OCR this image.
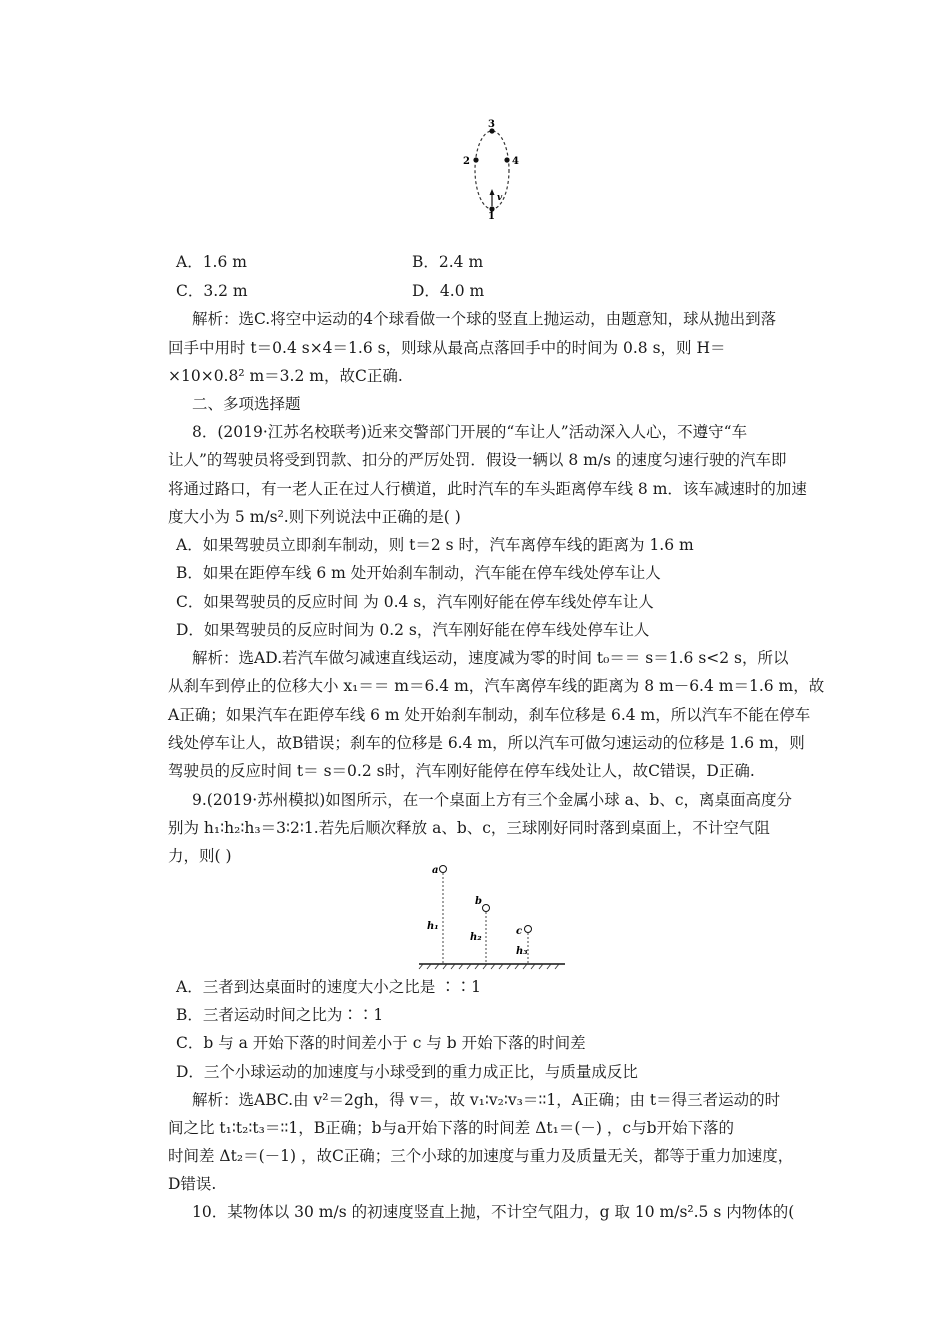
3
2	4
1
v
A．1.6 m	B．2.4 m
C．3.2 m	D．4.0 m
解析：选C.将空中运动的4个球看做一个球的竖直上抛运动，由题意知，球从抛出到落
回手中用时 t＝0.4 s×4＝1.6 s，则球从最高点落回手中的时间为 0.8 s，则 H＝
×10×0.8² m＝3.2 m，故C正确.
二、多项选择题
8．(2019·江苏名校联考)近来交警部门开展的“车让人”活动深入人心，不遵守“车
让人”的驾驶员将受到罚款、扣分的严厉处罚．假设一辆以 8 m/s 的速度匀速行驶的汽车即
将通过路口，有一老人正在过人行横道，此时汽车的车头距离停车线 8 m．该车减速时的加速
度大小为 5 m/s².则下列说法中正确的是( )
A．如果驾驶员立即刹车制动，则 t＝2 s 时，汽车离停车线的距离为 1.6 m
B．如果在距停车线 6 m 处开始刹车制动，汽车能在停车线处停车让人
C．如果驾驶员的反应时间 为 0.4 s，汽车刚好能在停车线处停车让人
D．如果驾驶员的反应时间为 0.2 s，汽车刚好能在停车线处停车让人
解析：选AD.若汽车做匀减速直线运动，速度减为零的时间 t₀＝＝ s＝1.6 s<2 s，所以
从刹车到停止的位移大小 x₁＝＝ m＝6.4 m，汽车离停车线的距离为 8 m－6.4 m＝1.6 m，故
A正确；如果汽车在距停车线 6 m 处开始刹车制动，刹车位移是 6.4 m，所以汽车不能在停车
线处停车让人，故B错误；刹车的位移是 6.4 m，所以汽车可做匀速运动的位移是 1.6 m，则
驾驶员的反应时间 t＝ s＝0.2 s时，汽车刚好能停在停车线处让人，故C错误，D正确.
9.(2019·苏州模拟)如图所示，在一个桌面上方有三个金属小球 a、b、c，离桌面高度分
别为 h₁∶h₂∶h₃＝3∶2∶1.若先后顺次释放 a、b、c，三球刚好同时落到桌面上，不计空气阻
力，则( )
a
b
c
h₁
h₂
h₃
A．三者到达桌面时的速度大小之比是 ∶∶1
B．三者运动时间之比为∶∶1
C．b 与 a 开始下落的时间差小于 c 与 b 开始下落的时间差
D．三个小球运动的加速度与小球受到的重力成正比，与质量成反比
解析：选ABC.由 v²＝2gh，得 v＝，故 v₁∶v₂∶v₃＝∶∶1，A正确；由 t＝得三者运动的时
间之比 t₁∶t₂∶t₃＝∶∶1，B正确；b与a开始下落的时间差 Δt₁＝(－) ，c与b开始下落的
时间差 Δt₂＝(－1) ，故C正确；三个小球的加速度与重力及质量无关，都等于重力加速度，
D错误.
10．某物体以 30 m/s 的初速度竖直上抛，不计空气阻力，g 取 10 m/s².5 s 内物体的(
